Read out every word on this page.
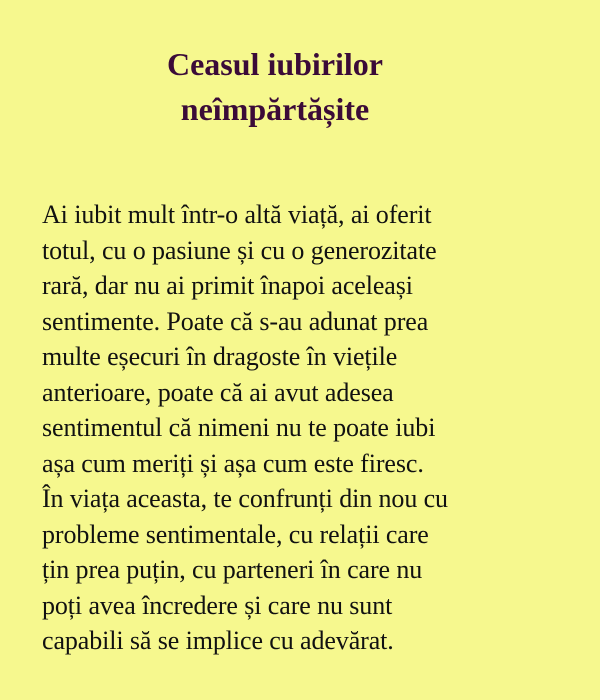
Ceasul iubirilor
neîmpărtășite
Ai iubit mult într-o altă viață, ai oferit
totul, cu o pasiune și cu o generozitate
rară, dar nu ai primit înapoi aceleași
sentimente. Poate că s-au adunat prea
multe eșecuri în dragoste în viețile
anterioare, poate că ai avut adesea
sentimentul că nimeni nu te poate iubi
așa cum meriți și așa cum este firesc.
În viața aceasta, te confrunți din nou cu
probleme sentimentale, cu relații care
țin prea puțin, cu parteneri în care nu
poți avea încredere și care nu sunt
capabili să se implice cu adevărat.
